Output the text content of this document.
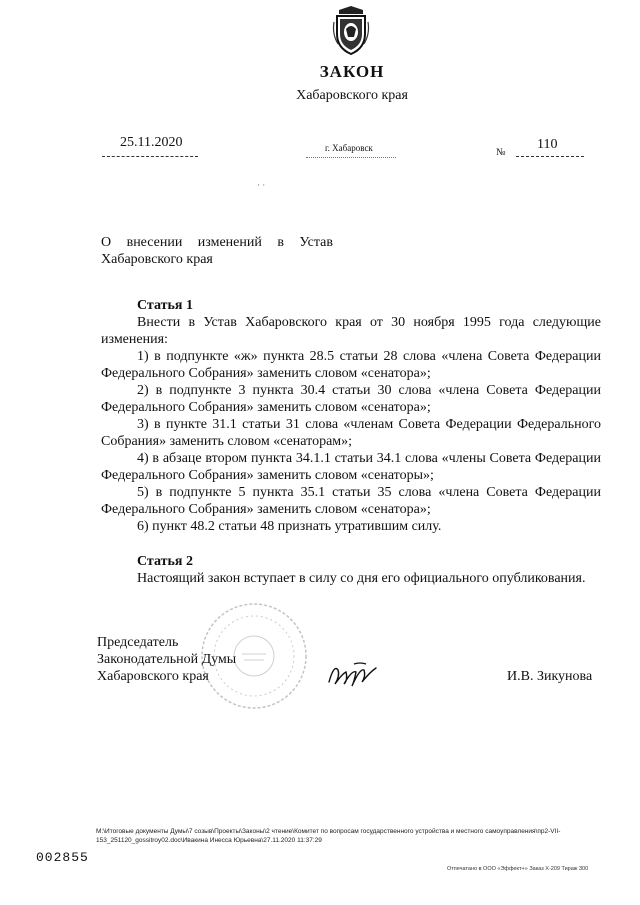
ЗАКОН
Хабаровского края
25.11.2020	г. Хабаровск	№
110
· ·
О внесении изменений в Устав
Хабаровского края
Статья 1
Внести в Устав Хабаровского края от 30 ноября 1995 года следующие
изменения:
1) в подпункте «ж» пункта 28.5 статьи 28 слова «члена Совета Федерации
Федерального Собрания» заменить словом «сенатора»;
2) в подпункте 3 пункта 30.4 статьи 30 слова «члена Совета Федерации
Федерального Собрания» заменить словом «сенатора»;
3) в пункте 31.1 статьи 31 слова «членам Совета Федерации Федерального
Собрания» заменить словом «сенаторам»;
4) в абзаце втором пункта 34.1.1 статьи 34.1 слова «члены Совета Федерации
Федерального Собрания» заменить словом «сенаторы»;
5) в подпункте 5 пункта 35.1 статьи 35 слова «члена Совета Федерации
Федерального Собрания» заменить словом «сенатора»;
6) пункт 48.2 статьи 48 признать утратившим силу.
Статья 2
Настоящий закон вступает в силу со дня его официального опубликования.
Председатель
Законодательной Думы
Хабаровского края	И.В. Зикунова
M:\Итоговые документы Думы\7 созыв\Проекты\Законы\2 чтение\Комитет по вопросам государственного устройства и местного самоуправления\пр2-VII-
153_251120_gossitroy02.doc\Ивакина Инесса Юрьевна\27.11.2020 11:37:29
002855
Отпечатано в ООО «Эффект+» Заказ X-209 Тираж 300
